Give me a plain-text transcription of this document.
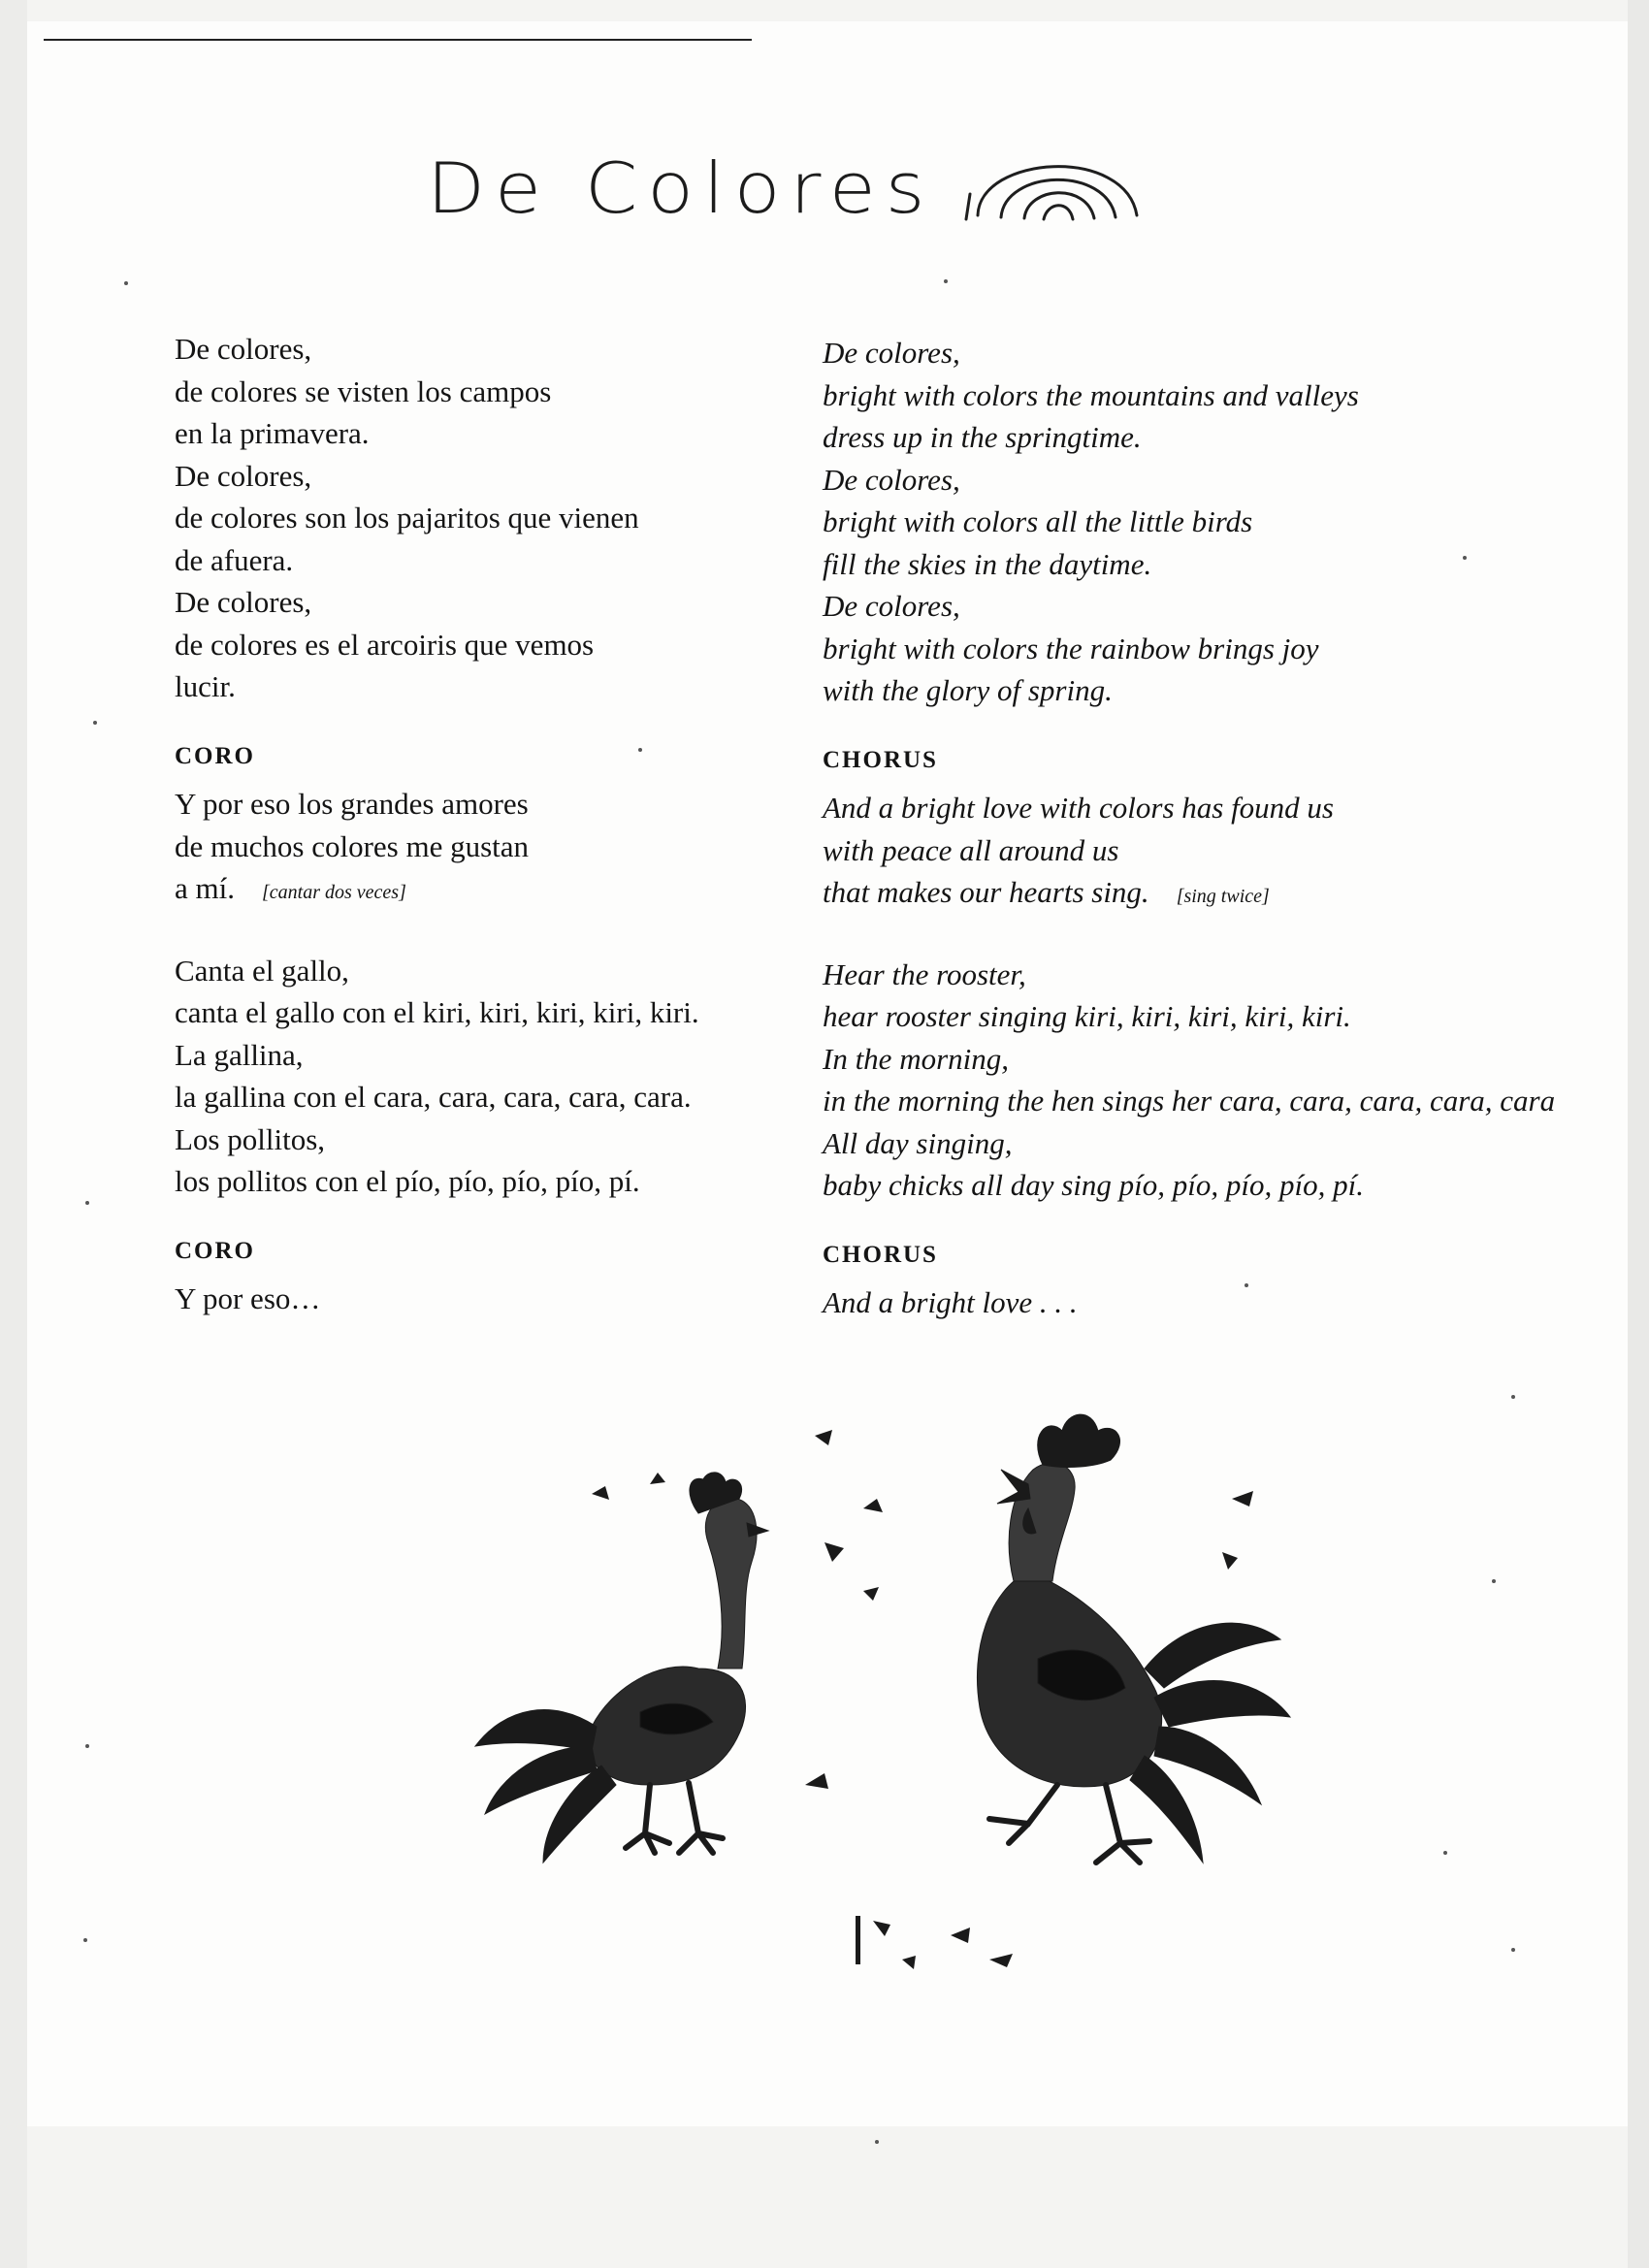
De Colores
De colores,
de colores se visten los campos
en la primavera.
De colores,
de colores son los pajaritos que vienen
de afuera.
De colores,
de colores es el arcoiris que vemos
lucir.
CORO
Y por eso los grandes amores
de muchos colores me gustan
a mí. [cantar dos veces]
Canta el gallo,
canta el gallo con el kiri, kiri, kiri, kiri, kiri.
La gallina,
la gallina con el cara, cara, cara, cara, cara.
Los pollitos,
los pollitos con el pío, pío, pío, pío, pí.
CORO
Y por eso…
De colores,
bright with colors the mountains and valleys
dress up in the springtime.
De colores,
bright with colors all the little birds
fill the skies in the daytime.
De colores,
bright with colors the rainbow brings joy
with the glory of spring.
CHORUS
And a bright love with colors has found us
with peace all around us
that makes our hearts sing. [sing twice]
Hear the rooster,
hear rooster singing kiri, kiri, kiri, kiri, kiri.
In the morning,
in the morning the hen sings her cara, cara, cara, cara, cara
All day singing,
baby chicks all day sing pío, pío, pío, pío, pí.
CHORUS
And a bright love . . .
